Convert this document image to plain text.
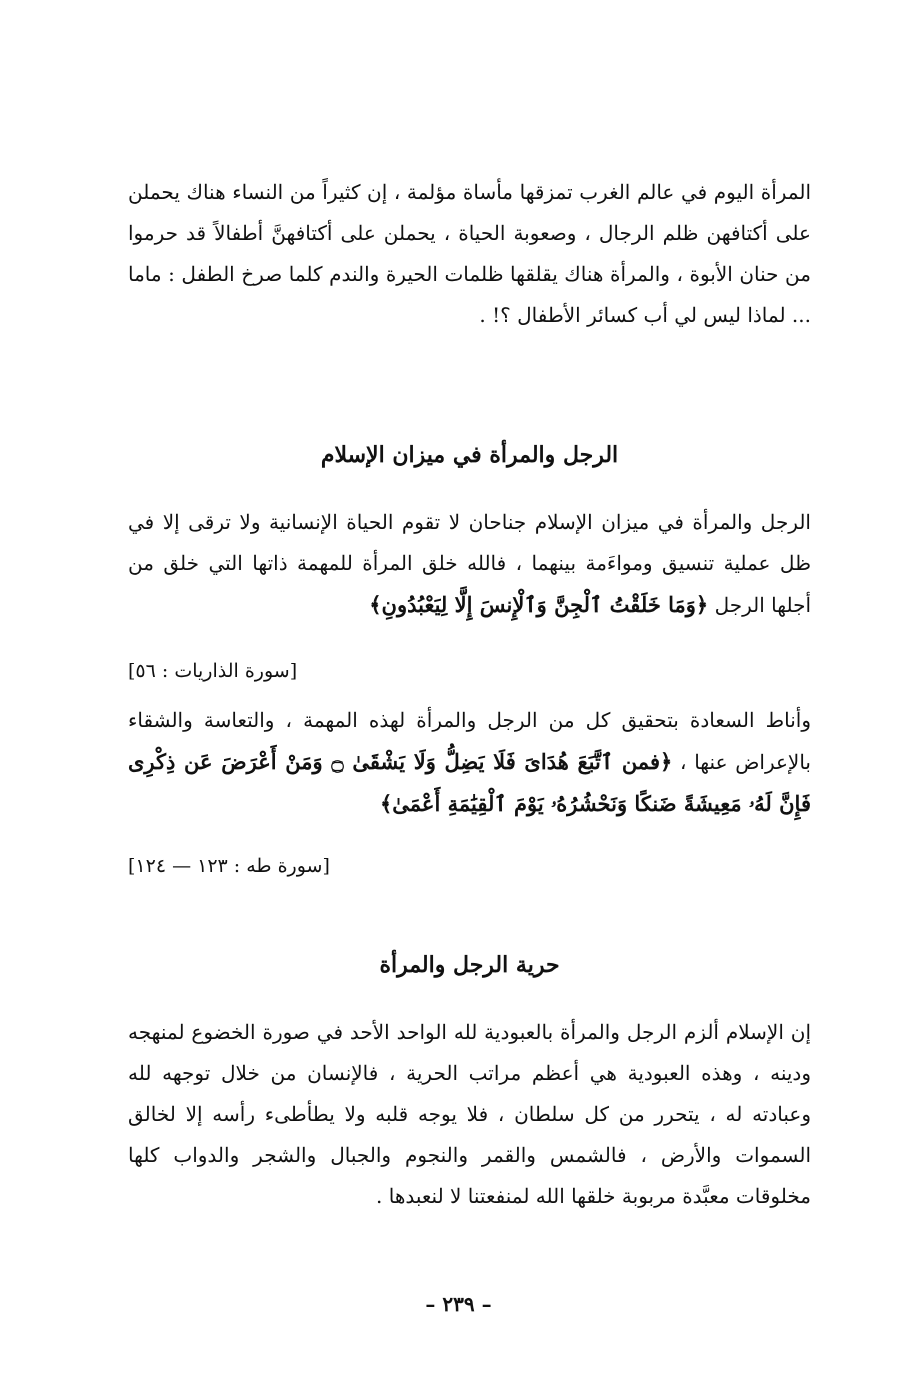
المرأة اليوم في عالم الغرب تمزقها مأساة مؤلمة ، إن كثيراً من النساء هناك يحملن على أكتافهن ظلم الرجال ، وصعوبة الحياة ، يحملن على أكتافهنَّ أطفالاً قد حرموا من حنان الأبوة ، والمرأة هناك يقلقها ظلمات الحيرة والندم كلما صرخ الطفل : ماما ... لماذا ليس لي أب كسائر الأطفال ؟! .

الرجل والمرأة في ميزان الإسلام

الرجل والمرأة في ميزان الإسلام جناحان لا تقوم الحياة الإنسانية ولا ترقى إلا في ظل عملية تنسيق ومواءَمة بينهما ، فالله خلق المرأة للمهمة ذاتها التي خلق من أجلها الرجل ﴿وَمَا خَلَقْتُ ٱلْجِنَّ وَٱلْإِنسَ إِلَّا لِيَعْبُدُونِ﴾

[سورة الذاريات : ٥٦]

وأناط السعادة بتحقيق كل من الرجل والمرأة لهذه المهمة ، والتعاسة والشقاء بالإعراض عنها ، ﴿فمن ٱتَّبَعَ هُدَاىَ فَلَا يَضِلُّ وَلَا يَشْقَىٰ ۝ وَمَنْ أَعْرَضَ عَن ذِكْرِى فَإِنَّ لَهُۥ مَعِيشَةً ضَنكًا وَنَحْشُرُهُۥ يَوْمَ ٱلْقِيَٰمَةِ أَعْمَىٰ﴾

[سورة طه : ١٢٣ — ١٢٤]

حرية الرجل والمرأة

إن الإسلام ألزم الرجل والمرأة بالعبودية لله الواحد الأحد في صورة الخضوع لمنهجه ودينه ، وهذه العبودية هي أعظم مراتب الحرية ، فالإنسان من خلال توجهه لله وعبادته له ، يتحرر من كل سلطان ، فلا يوجه قلبه ولا يطأطىء رأسه إلا لخالق السموات والأرض ، فالشمس والقمر والنجوم والجبال والشجر والدواب كلها مخلوقات معبَّدة مربوبة خلقها الله لمنفعتنا لا لنعبدها .

– ٢٣٩ –
